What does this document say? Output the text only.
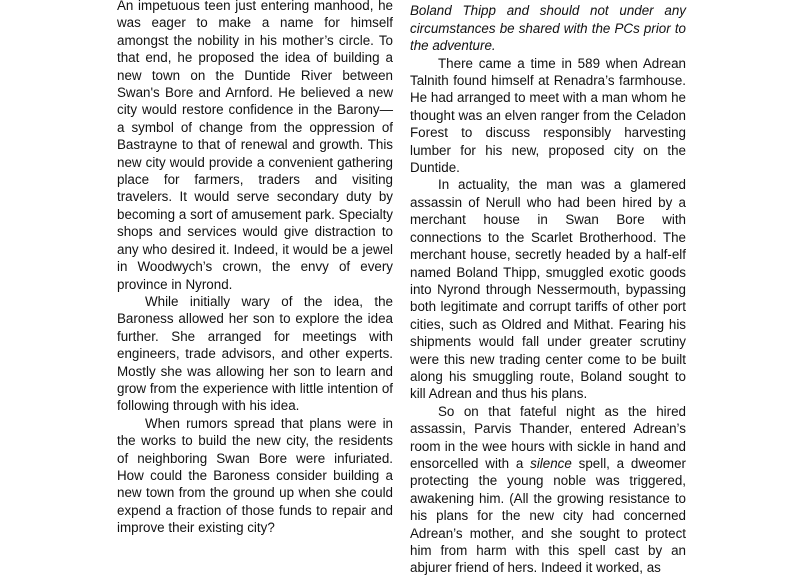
An impetuous teen just entering manhood, he was eager to make a name for himself amongst the nobility in his mother’s circle. To that end, he proposed the idea of building a new town on the Duntide River between Swan's Bore and Arnford. He believed a new city would restore confidence in the Barony—a symbol of change from the oppression of Bastrayne to that of renewal and growth. This new city would provide a convenient gathering place for farmers, traders and visiting travelers. It would serve secondary duty by becoming a sort of amusement park. Specialty shops and services would give distraction to any who desired it. Indeed, it would be a jewel in Woodwych’s crown, the envy of every province in Nyrond.

While initially wary of the idea, the Baroness allowed her son to explore the idea further. She arranged for meetings with engineers, trade advisors, and other experts. Mostly she was allowing her son to learn and grow from the experience with little intention of following through with his idea.

When rumors spread that plans were in the works to build the new city, the residents of neighboring Swan Bore were infuriated. How could the Baroness consider building a new town from the ground up when she could expend a fraction of those funds to repair and improve their existing city?

Boland Thipp and should not under any circumstances be shared with the PCs prior to the adventure.

There came a time in 589 when Adrean Talnith found himself at Renadra’s farmhouse. He had arranged to meet with a man whom he thought was an elven ranger from the Celadon Forest to discuss responsibly harvesting lumber for his new, proposed city on the Duntide.

In actuality, the man was a glamered assassin of Nerull who had been hired by a merchant house in Swan Bore with connections to the Scarlet Brotherhood. The merchant house, secretly headed by a half-elf named Boland Thipp, smuggled exotic goods into Nyrond through Nessermouth, bypassing both legitimate and corrupt tariffs of other port cities, such as Oldred and Mithat. Fearing his shipments would fall under greater scrutiny were this new trading center come to be built along his smuggling route, Boland sought to kill Adrean and thus his plans.

So on that fateful night as the hired assassin, Parvis Thander, entered Adrean’s room in the wee hours with sickle in hand and ensorcelled with a silence spell, a dweomer protecting the young noble was triggered, awakening him. (All the growing resistance to his plans for the new city had concerned Adrean’s mother, and she sought to protect him from harm with this spell cast by an abjurer friend of hers. Indeed it worked, as
